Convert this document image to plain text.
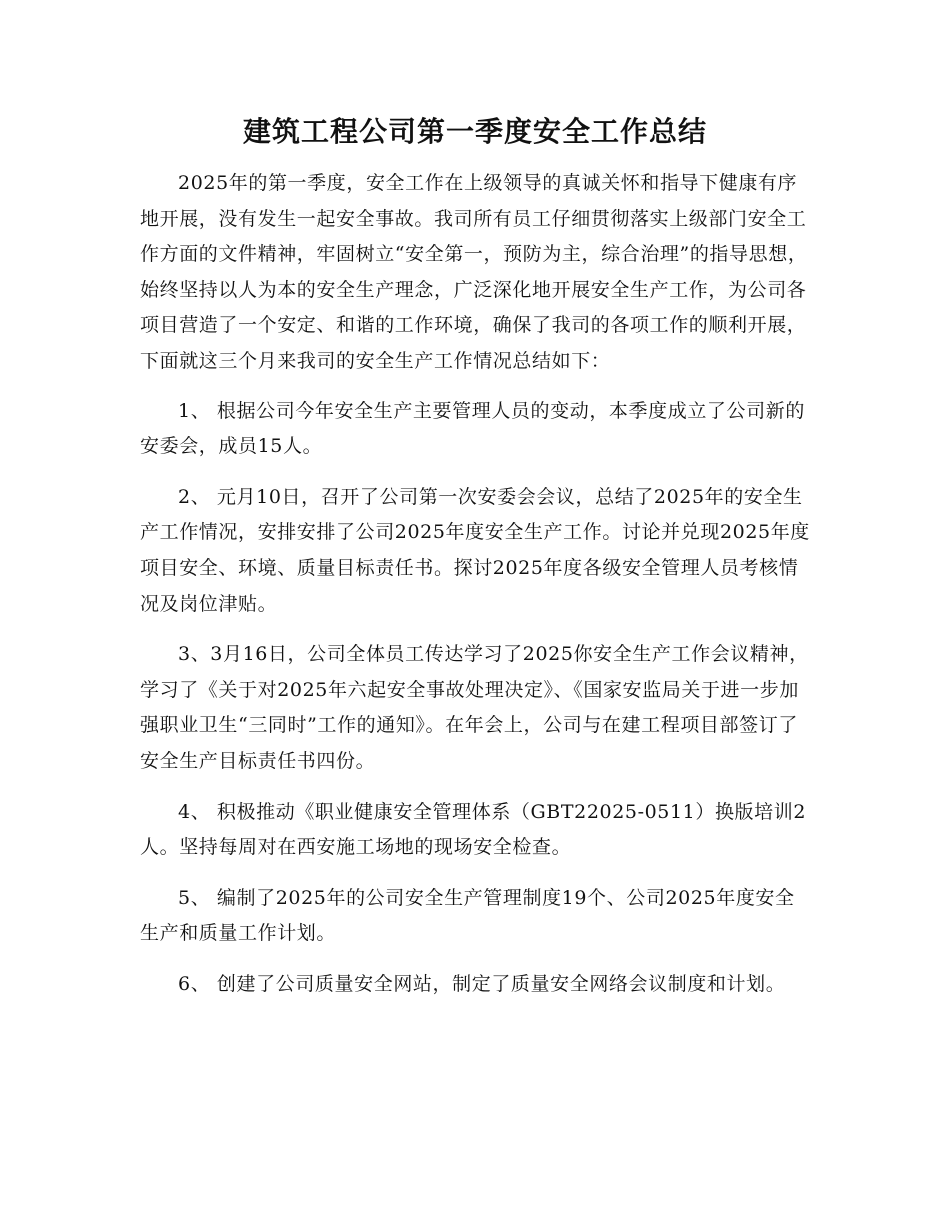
建筑工程公司第一季度安全工作总结

2025年的第一季度，安全工作在上级领导的真诚关怀和指导下健康有序地开展，没有发生一起安全事故。我司所有员工仔细贯彻落实上级部门安全工作方面的文件精神，牢固树立“安全第一，预防为主，综合治理”的指导思想，始终坚持以人为本的安全生产理念，广泛深化地开展安全生产工作，为公司各项目营造了一个安定、和谐的工作环境，确保了我司的各项工作的顺利开展，下面就这三个月来我司的安全生产工作情况总结如下：

1、 根据公司今年安全生产主要管理人员的变动，本季度成立了公司新的安委会，成员15人。

2、 元月10日，召开了公司第一次安委会会议，总结了2025年的安全生产工作情况，安排安排了公司2025年度安全生产工作。讨论并兑现2025年度项目安全、环境、质量目标责任书。探讨2025年度各级安全管理人员考核情况及岗位津贴。

3、3月16日，公司全体员工传达学习了2025你安全生产工作会议精神，学习了《关于对2025年六起安全事故处理决定》、《国家安监局关于进一步加强职业卫生“三同时”工作的通知》。在年会上，公司与在建工程项目部签订了安全生产目标责任书四份。

4、 积极推动《职业健康安全管理体系（GBT22025-0511）换版培训2人。坚持每周对在西安施工场地的现场安全检查。

5、 编制了2025年的公司安全生产管理制度19个、公司2025年度安全生产和质量工作计划。

6、 创建了公司质量安全网站，制定了质量安全网络会议制度和计划。
